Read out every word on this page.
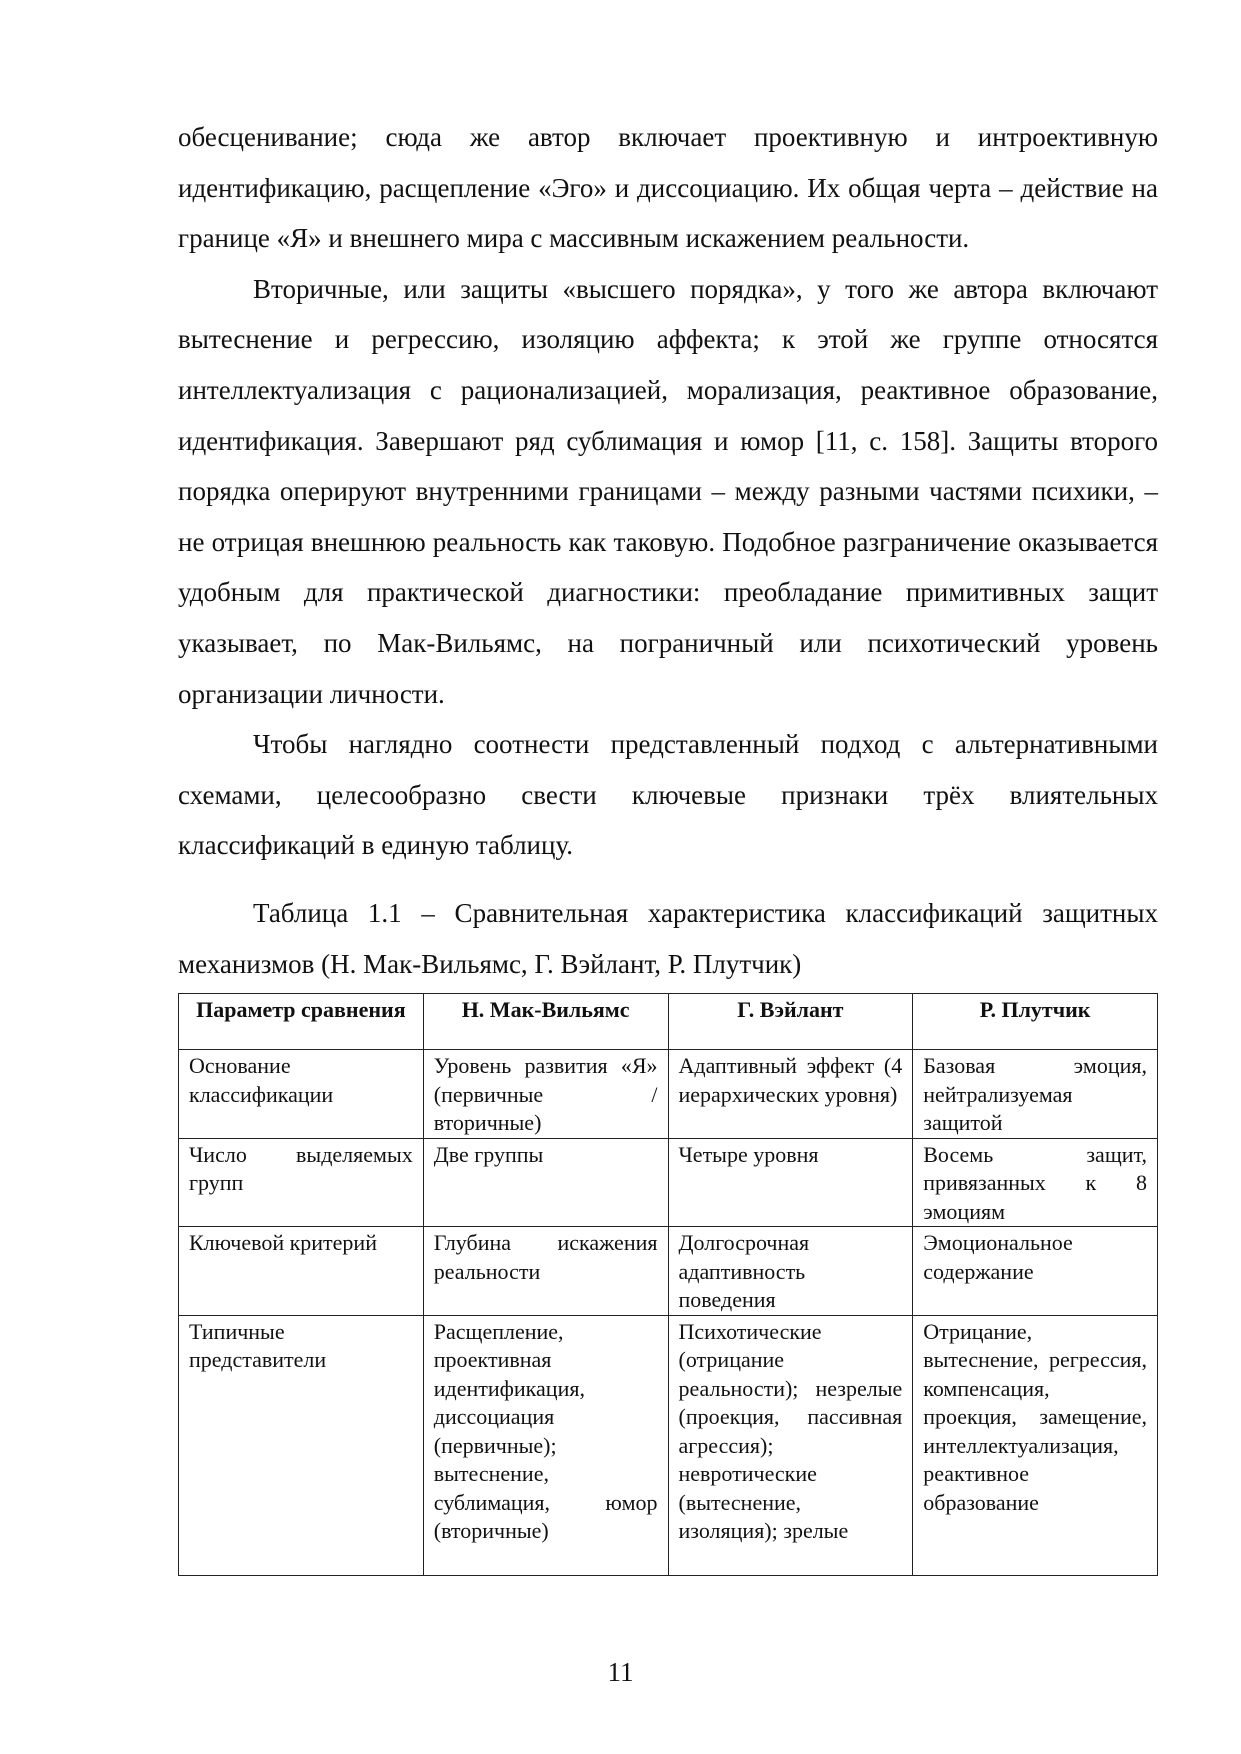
обесценивание; сюда же автор включает проективную и интроективную идентификацию, расщепление «Эго» и диссоциацию. Их общая черта – действие на границе «Я» и внешнего мира с массивным искажением реальности.

Вторичные, или защиты «высшего порядка», у того же автора включают вытеснение и регрессию, изоляцию аффекта; к этой же группе относятся интеллектуализация с рационализацией, морализация, реактивное образование, идентификация. Завершают ряд сублимация и юмор [11, с. 158]. Защиты второго порядка оперируют внутренними границами – между разными частями психики, – не отрицая внешнюю реальность как таковую. Подобное разграничение оказывается удобным для практической диагностики: преобладание примитивных защит указывает, по Мак-Вильямс, на пограничный или психотический уровень организации личности.

Чтобы наглядно соотнести представленный подход с альтернативными схемами, целесообразно свести ключевые признаки трёх влиятельных классификаций в единую таблицу.

Таблица 1.1 – Сравнительная характеристика классификаций защитных механизмов (Н. Мак-Вильямс, Г. Вэйлант, Р. Плутчик)

Параметр сравнения	Н. Мак-Вильямс	Г. Вэйлант	Р. Плутчик
Основание классификации	Уровень развития «Я» (первичные / вторичные)	Адаптивный эффект (4 иерархических уровня)	Базовая эмоция, нейтрализуемая защитой
Число выделяемых групп	Две группы	Четыре уровня	Восемь защит, привязанных к 8 эмоциям
Ключевой критерий	Глубина искажения реальности	Долгосрочная адаптивность поведения	Эмоциональное содержание
Типичные представители	Расщепление, проективная идентификация, диссоциация (первичные); вытеснение, сублимация, юмор (вторичные)	Психотические (отрицание реальности); незрелые (проекция, пассивная агрессия); невротические (вытеснение, изоляция); зрелые	Отрицание, вытеснение, регрессия, компенсация, проекция, замещение, интеллектуализация, реактивное образование
11
